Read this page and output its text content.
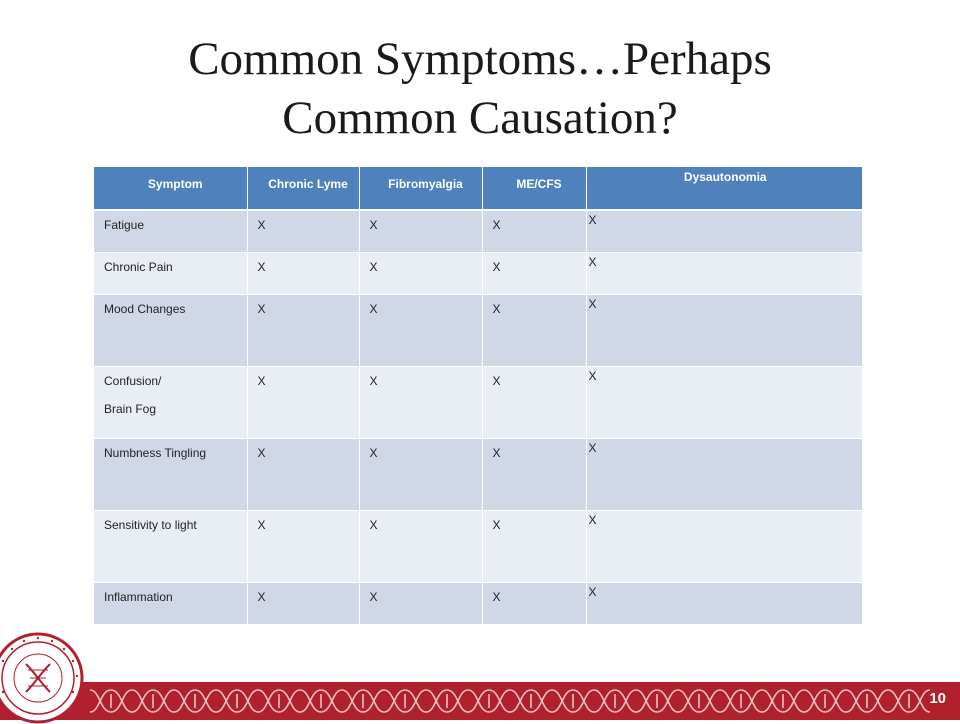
Common Symptoms…Perhaps
Common Causation?
Symptom	Chronic Lyme	Fibromyalgia	ME/CFS	Dysautonomia

Fatigue	X	X	X	X

Chronic Pain	X	X	X	X

Mood Changes	X	X	X	X

Confusion/
Brain Fog	X	X	X	X

Numbness Tingling	X	X	X	X

Sensitivity to light	X	X	X	X

Inflammation	X	X	X	X
10
